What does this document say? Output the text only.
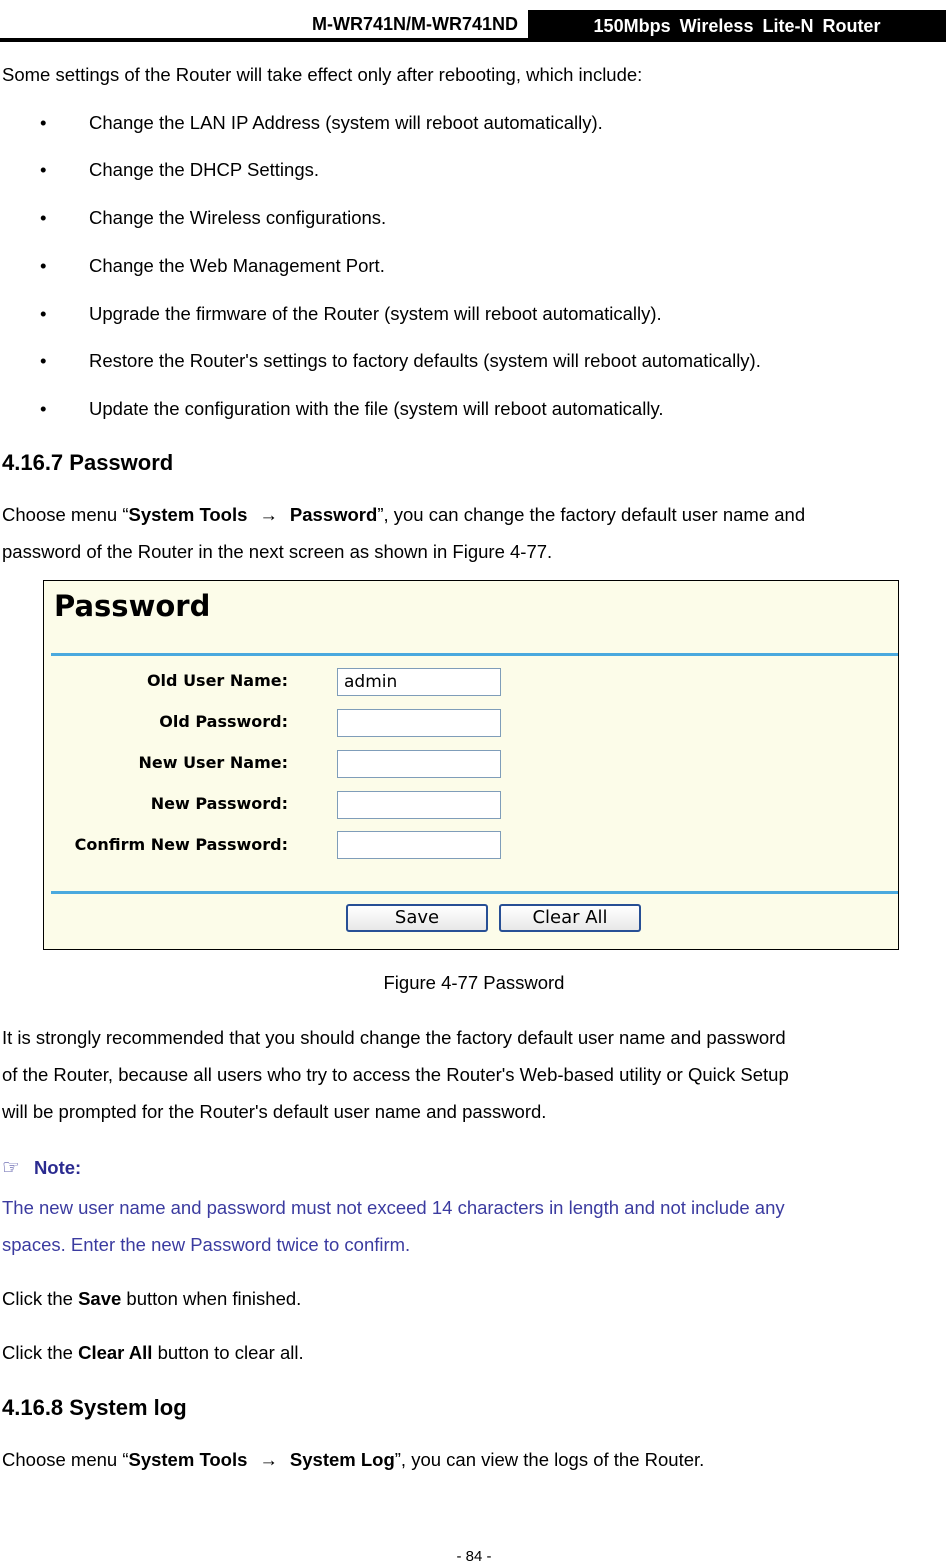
M-WR741N/M-WR741ND	150Mbps Wireless Lite-N Router
Some settings of the Router will take effect only after rebooting, which include:
• Change the LAN IP Address (system will reboot automatically).
• Change the DHCP Settings.
• Change the Wireless configurations.
• Change the Web Management Port.
• Upgrade the firmware of the Router (system will reboot automatically).
• Restore the Router's settings to factory defaults (system will reboot automatically).
• Update the configuration with the file (system will reboot automatically.
4.16.7 Password
Choose menu “System Tools → Password”, you can change the factory default user name and
password of the Router in the next screen as shown in Figure 4-77.
Password
Old User Name:	admin
Old Password:
New User Name:
New Password:
Confirm New Password:
Save	Clear All
Figure 4-77 Password
It is strongly recommended that you should change the factory default user name and password
of the Router, because all users who try to access the Router's Web-based utility or Quick Setup
will be prompted for the Router's default user name and password.
☞ Note:
The new user name and password must not exceed 14 characters in length and not include any
spaces. Enter the new Password twice to confirm.
Click the Save button when finished.
Click the Clear All button to clear all.
4.16.8 System log
Choose menu “System Tools → System Log”, you can view the logs of the Router.
- 84 -
